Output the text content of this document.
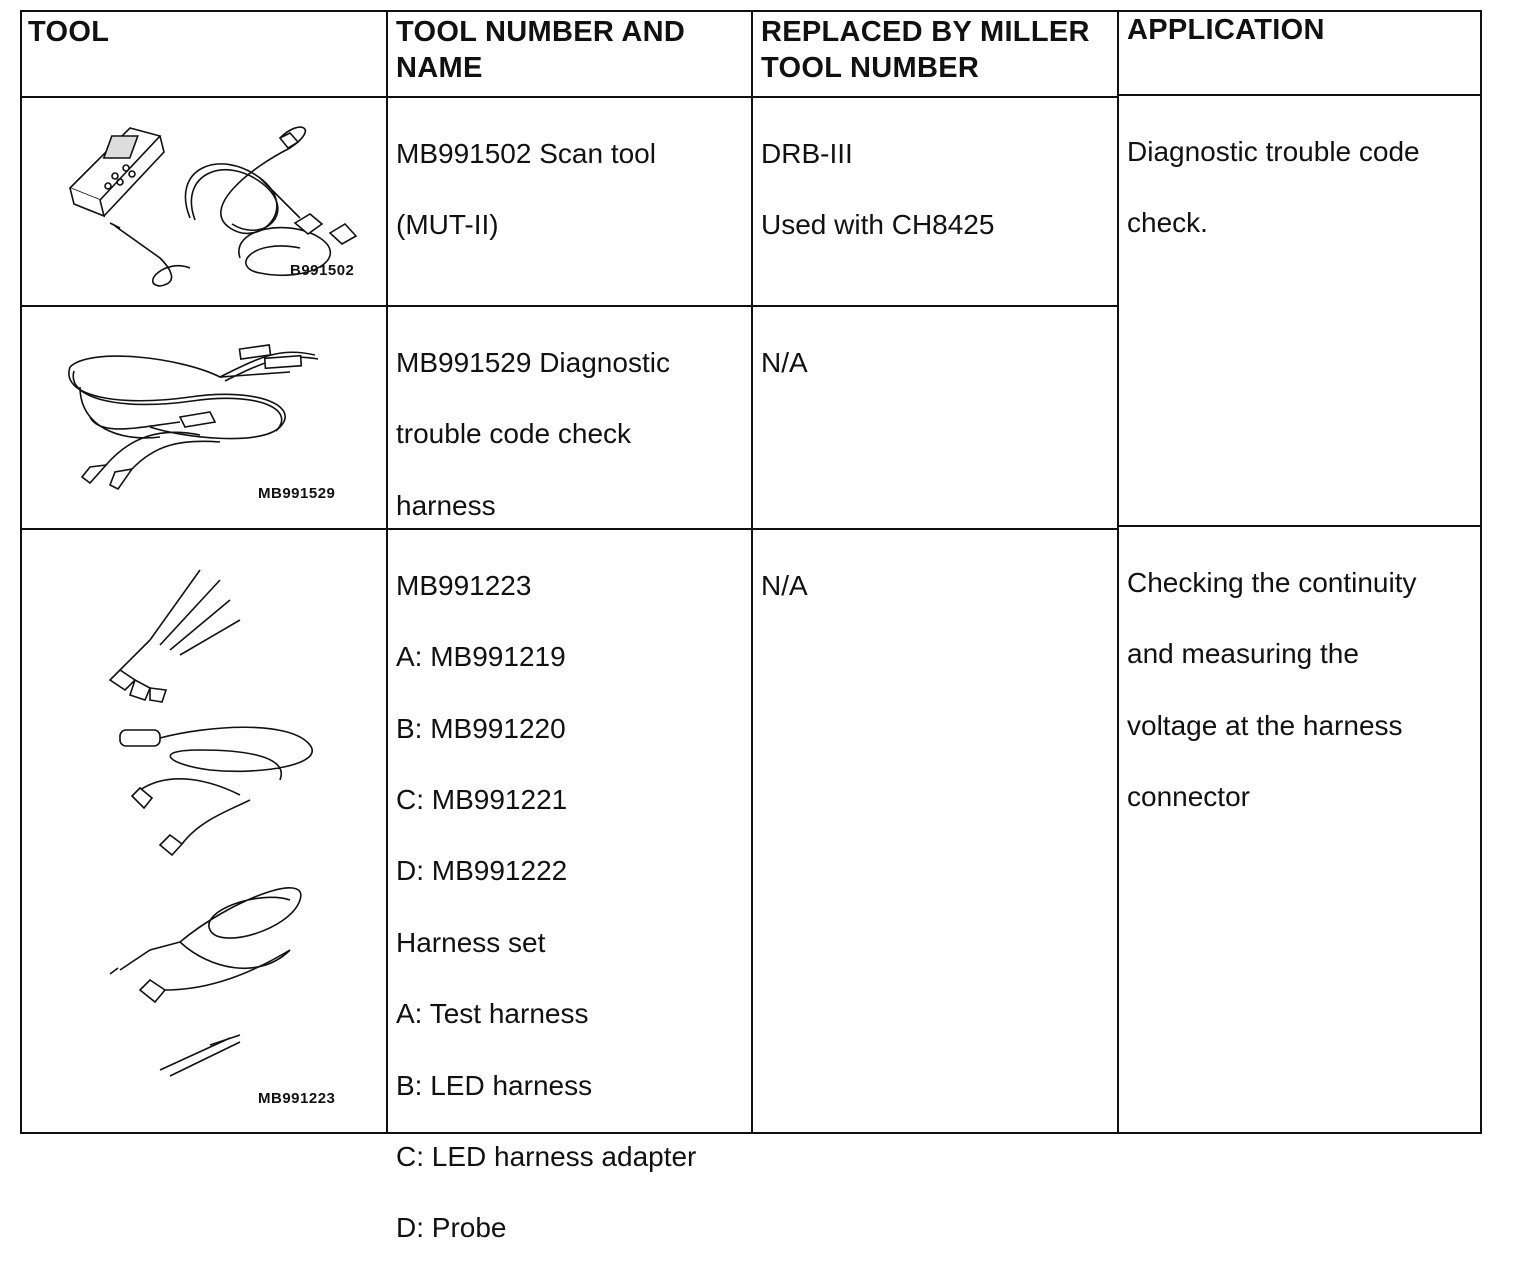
TOOL	TOOL NUMBER AND
NAME
REPLACED BY MILLER
TOOL NUMBER
APPLICATION
B991502

MB991502 Scan tool

(MUT-II)

DRB-III

Used with CH8425

Diagnostic trouble code

check.

MB991529

MB991529 Diagnostic

trouble code check

harness

N/A

MB991223

MB991223

A: MB991219

B: MB991220

C: MB991221

D: MB991222

Harness set

A: Test harness

B: LED harness

C: LED harness adapter

D: Probe

N/A	Checking the continuity

and measuring the

voltage at the harness

connector
